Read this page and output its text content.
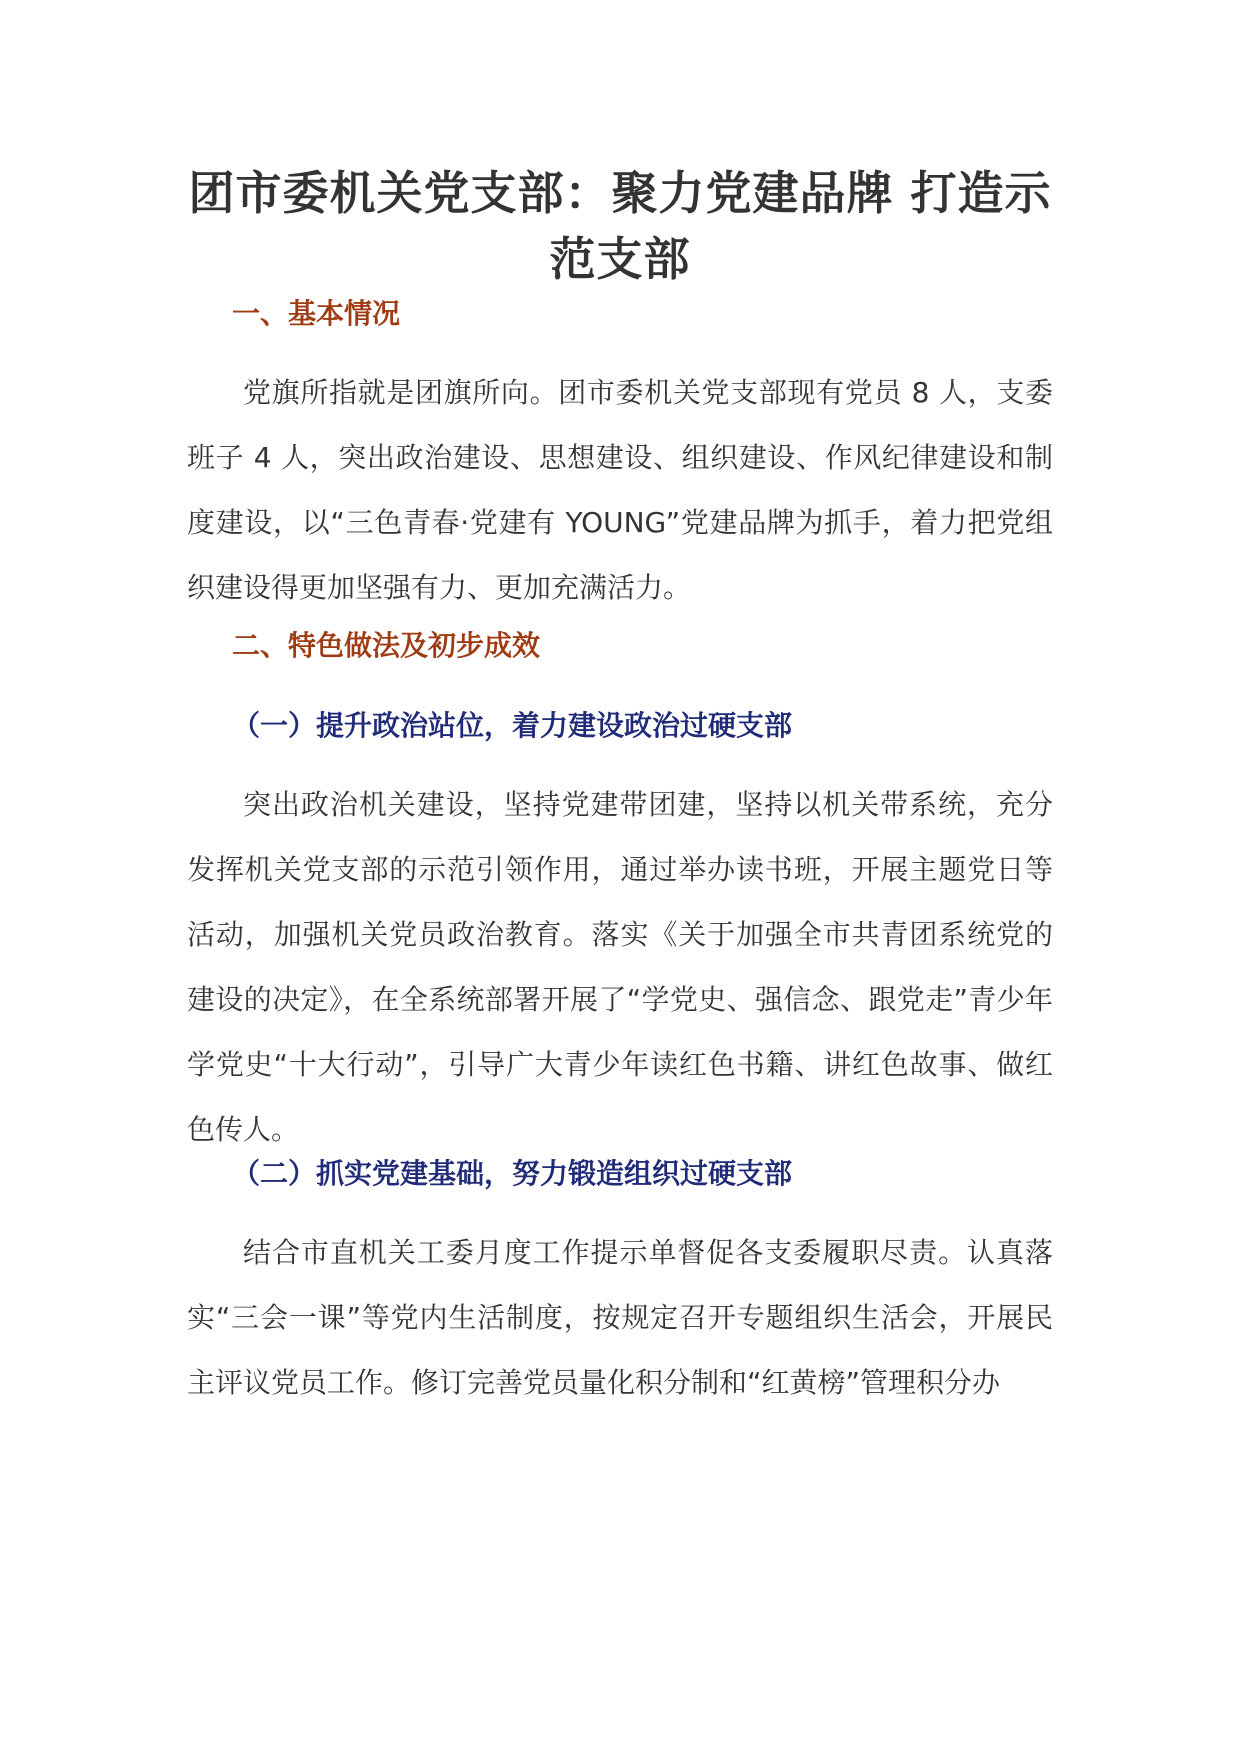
团市委机关党支部：聚力党建品牌 打造示
范支部
一、基本情况

党旗所指就是团旗所向。团市委机关党支部现有党员 8 人，支委班子 4 人，突出政治建设、思想建设、组织建设、作风纪律建设和制度建设，以“三色青春·党建有 YOUNG”党建品牌为抓手，着力把党组织建设得更加坚强有力、更加充满活力。

二、特色做法及初步成效
（一）提升政治站位，着力建设政治过硬支部

突出政治机关建设，坚持党建带团建，坚持以机关带系统，充分发挥机关党支部的示范引领作用，通过举办读书班，开展主题党日等活动，加强机关党员政治教育。落实《关于加强全市共青团系统党的建设的决定》，在全系统部署开展了“学党史、强信念、跟党走”青少年学党史“十大行动”，引导广大青少年读红色书籍、讲红色故事、做红色传人。

（二）抓实党建基础，努力锻造组织过硬支部

结合市直机关工委月度工作提示单督促各支委履职尽责。认真落实“三会一课”等党内生活制度，按规定召开专题组织生活会，开展民主评议党员工作。修订完善党员量化积分制和“红黄榜”管理积分办
